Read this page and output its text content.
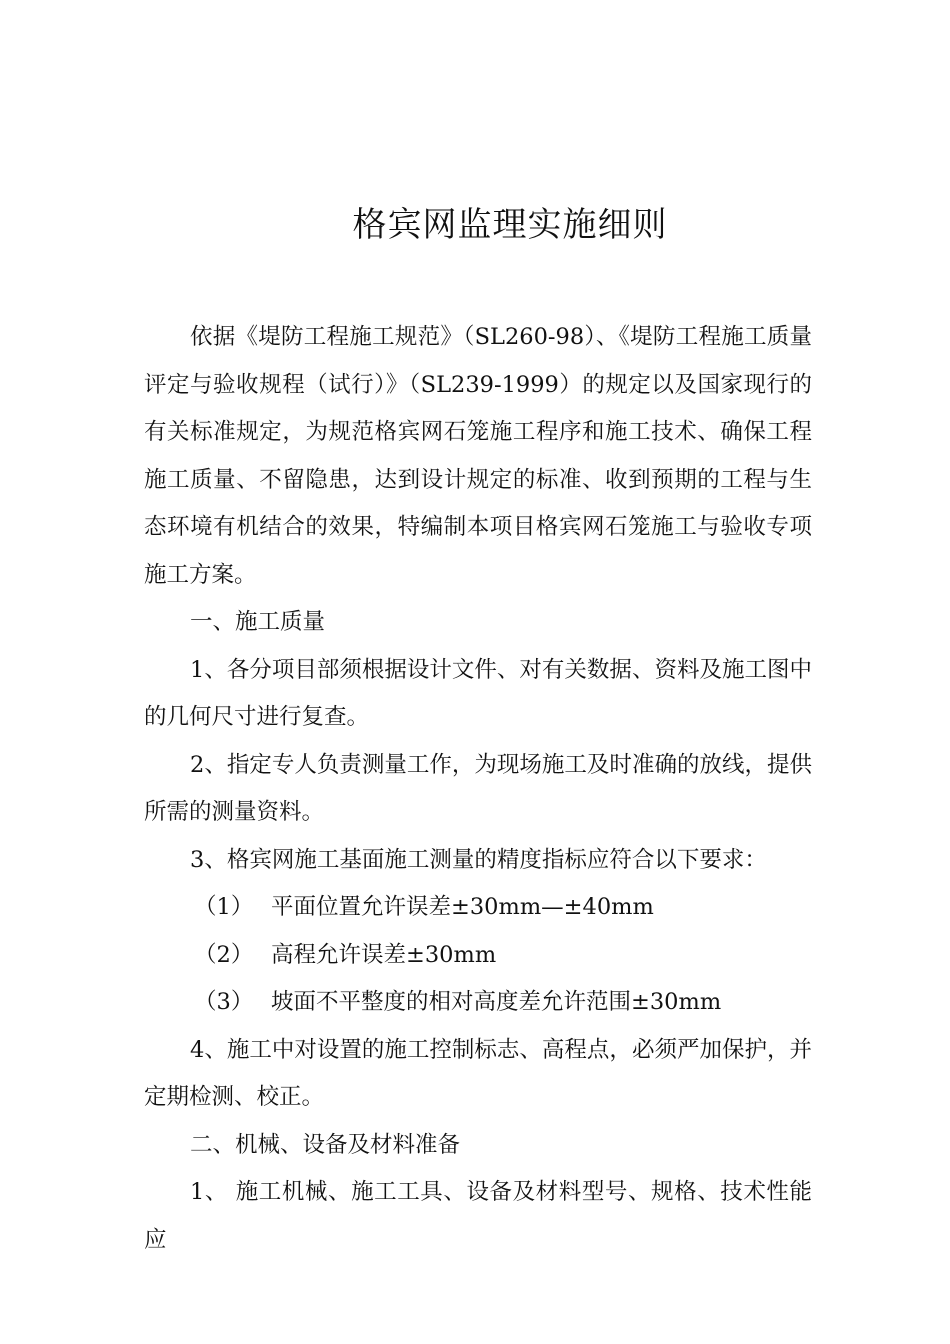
格宾网监理实施细则

依据《堤防工程施工规范》（SL260-98）、《堤防工程施工质量评定与验收规程（试行）》（SL239-1999）的规定以及国家现行的有关标准规定，为规范格宾网石笼施工程序和施工技术、确保工程施工质量、不留隐患，达到设计规定的标准、收到预期的工程与生态环境有机结合的效果，特编制本项目格宾网石笼施工与验收专项施工方案。

一、施工质量

1、各分项目部须根据设计文件、对有关数据、资料及施工图中的几何尺寸进行复查。

2、指定专人负责测量工作，为现场施工及时准确的放线，提供所需的测量资料。

3、格宾网施工基面施工测量的精度指标应符合以下要求：

（1） 平面位置允许误差±30mm—±40mm

（2） 高程允许误差±30mm

（3） 坡面不平整度的相对高度差允许范围±30mm

4、施工中对设置的施工控制标志、高程点，必须严加保护，并定期检测、校正。

二、机械、设备及材料准备

1、 施工机械、施工工具、设备及材料型号、规格、技术性能应
